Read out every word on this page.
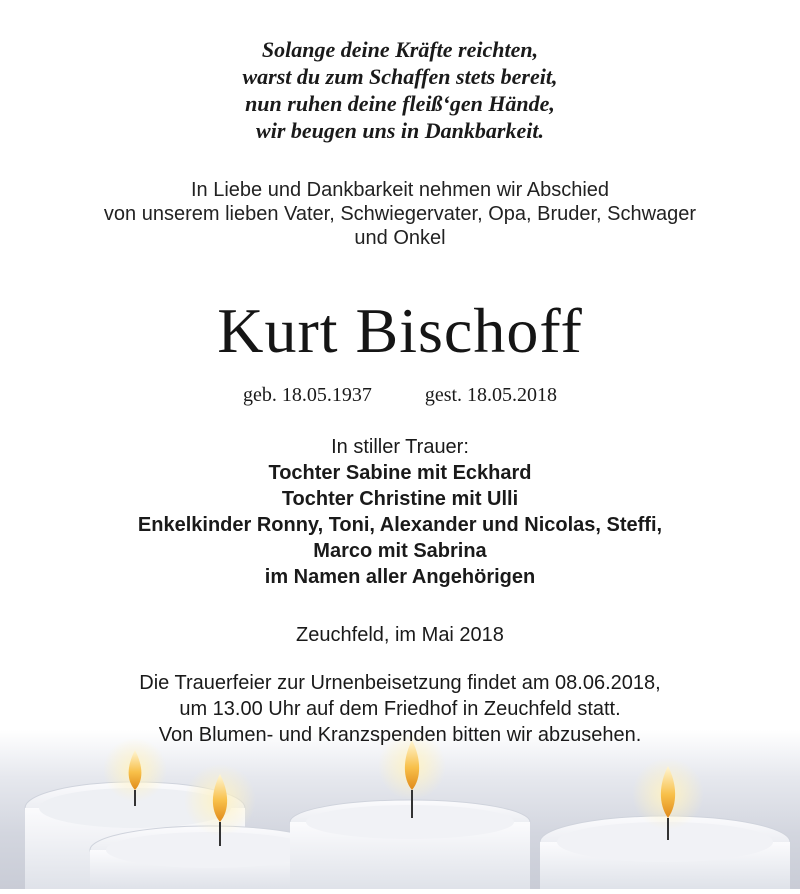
Solange deine Kräfte reichten,
warst du zum Schaffen stets bereit,
nun ruhen deine fleiß‘gen Hände,
wir beugen uns in Dankbarkeit.
In Liebe und Dankbarkeit nehmen wir Abschied
von unserem lieben Vater, Schwiegervater, Opa, Bruder, Schwager
und Onkel
Kurt Bischoff
geb. 18.05.1937	gest. 18.05.2018
In stiller Trauer:
Tochter Sabine mit Eckhard
Tochter Christine mit Ulli
Enkelkinder Ronny, Toni, Alexander und Nicolas, Steffi,
Marco mit Sabrina
im Namen aller Angehörigen
Zeuchfeld, im Mai 2018
Die Trauerfeier zur Urnenbeisetzung findet am 08.06.2018,
um 13.00 Uhr auf dem Friedhof in Zeuchfeld statt.
Von Blumen- und Kranzspenden bitten wir abzusehen.
